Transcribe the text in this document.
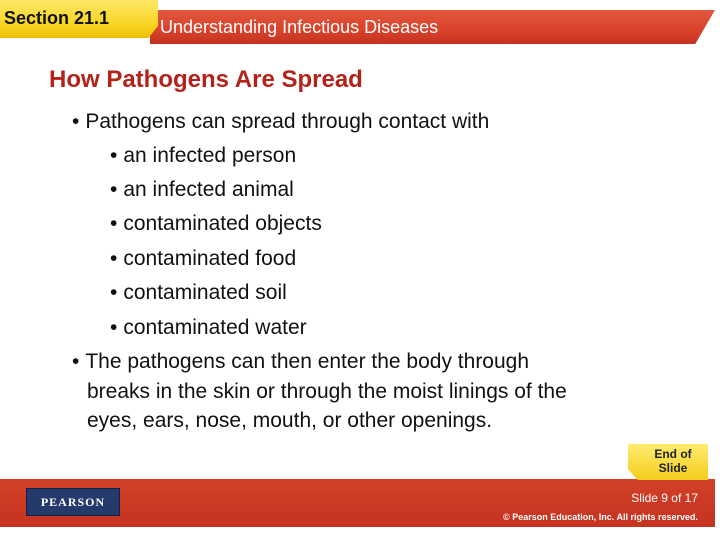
Section 21.1	Understanding Infectious Diseases
How Pathogens Are Spread
• Pathogens can spread through contact with
• an infected person
• an infected animal
• contaminated objects
• contaminated food
• contaminated soil
• contaminated water
• The pathogens can then enter the body through
breaks in the skin or through the moist linings of the
eyes, ears, nose, mouth, or other openings.
PEARSON	Slide 9 of 17
© Pearson Education, Inc. All rights reserved.
End of
Slide
